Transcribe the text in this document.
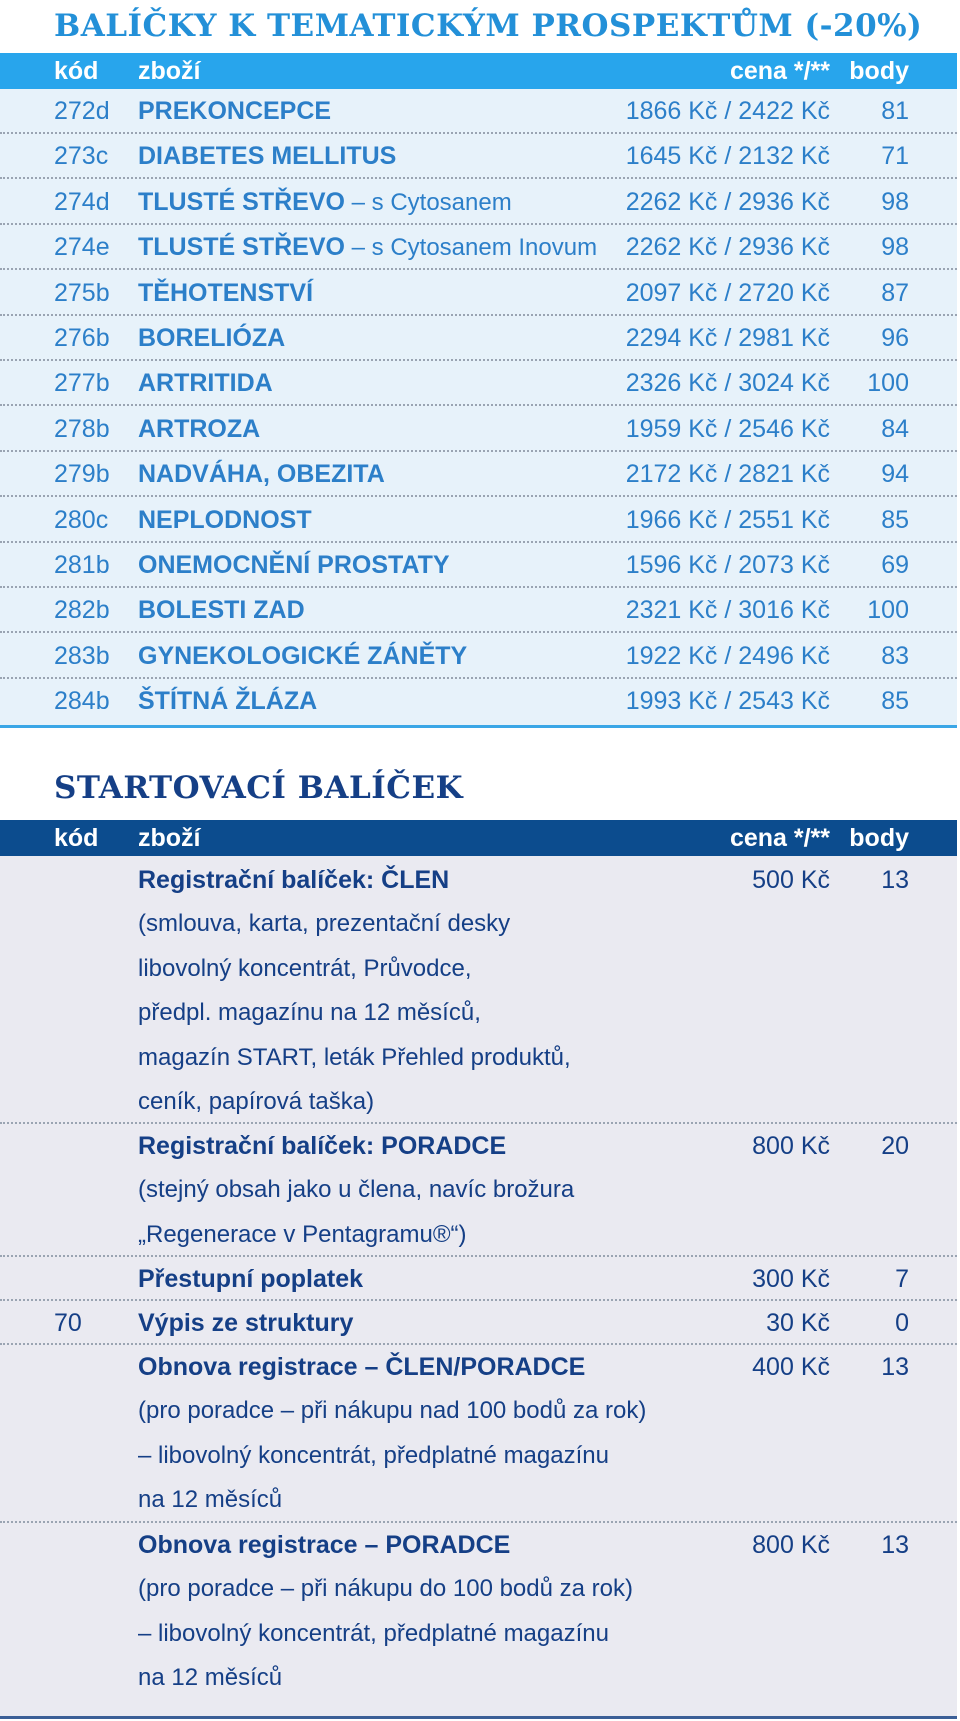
BALÍČKY K TEMATICKÝM PROSPEKTŮM (-20%)
kód zboží	cena */** body
272d PREKONCEPCE	1866 Kč / 2422 Kč 81
273c DIABETES MELLITUS	1645 Kč / 2132 Kč 71
274d TLUSTÉ STŘEVO – s Cytosanem	2262 Kč / 2936 Kč 98
274e TLUSTÉ STŘEVO – s Cytosanem Inovum 2262 Kč / 2936 Kč 98
275b TĚHOTENSTVÍ	2097 Kč / 2720 Kč 87
276b BORELIÓZA	2294 Kč / 2981 Kč 96
277b ARTRITIDA	2326 Kč / 3024 Kč 100
278b ARTROZA	1959 Kč / 2546 Kč 84
279b NADVÁHA, OBEZITA	2172 Kč / 2821 Kč 94
280c NEPLODNOST	1966 Kč / 2551 Kč 85
281b ONEMOCNĚNÍ PROSTATY	1596 Kč / 2073 Kč 69
282b BOLESTI ZAD	2321 Kč / 3016 Kč 100
283b GYNEKOLOGICKÉ ZÁNĚTY	1922 Kč / 2496 Kč 83
284b ŠTÍTNÁ ŽLÁZA	1993 Kč / 2543 Kč 85
STARTOVACÍ BALÍČEK
kód zboží	cena */** body
Registrační balíček: ČLEN	500 Kč 13
(smlouva, karta, prezentační desky
libovolný koncentrát, Průvodce,
předpl. magazínu na 12 měsíců,
magazín START, leták Přehled produktů,
ceník, papírová taška)
Registrační balíček: PORADCE	800 Kč 20
(stejný obsah jako u člena, navíc brožura
„Regenerace v Pentagramu®“)
Přestupní poplatek	300 Kč	7
70 Výpis ze struktury	30 Kč	0
Obnova registrace – ČLEN/PORADCE	400 Kč 13
(pro poradce – při nákupu nad 100 bodů za rok)
– libovolný koncentrát, předplatné magazínu
na 12 měsíců
Obnova registrace – PORADCE	800 Kč 13
(pro poradce – při nákupu do 100 bodů za rok)
– libovolný koncentrát, předplatné magazínu
na 12 měsíců
